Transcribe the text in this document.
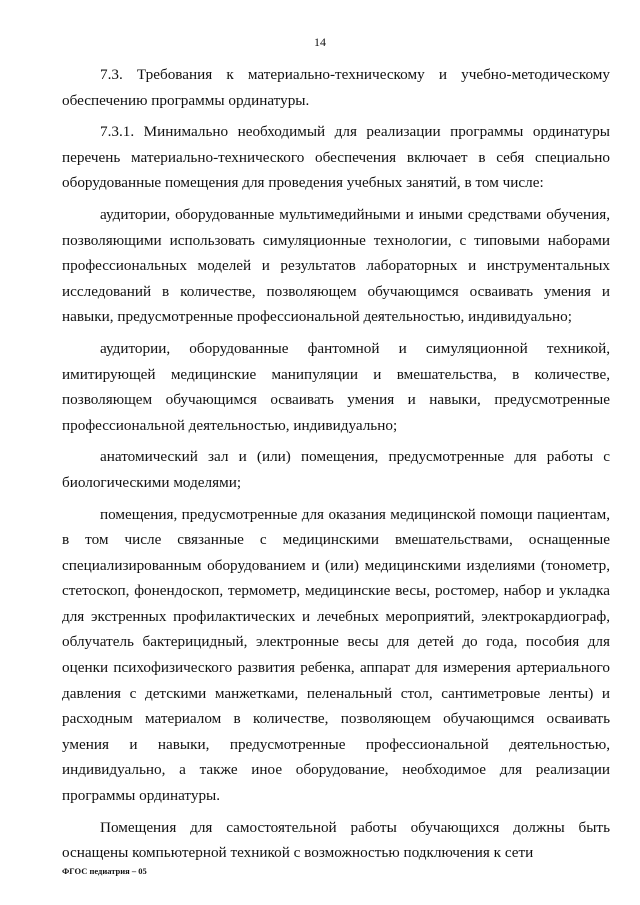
14

7.3. Требования к материально-техническому и учебно-методическому обеспечению программы ординатуры.

7.3.1. Минимально необходимый для реализации программы ординатуры перечень материально-технического обеспечения включает в себя специально оборудованные помещения для проведения учебных занятий, в том числе:

аудитории, оборудованные мультимедийными и иными средствами обучения, позволяющими использовать симуляционные технологии, с типовыми наборами профессиональных моделей и результатов лабораторных и инструментальных исследований в количестве, позволяющем обучающимся осваивать умения и навыки, предусмотренные профессиональной деятельностью, индивидуально;

аудитории, оборудованные фантомной и симуляционной техникой, имитирующей медицинские манипуляции и вмешательства, в количестве, позволяющем обучающимся осваивать умения и навыки, предусмотренные профессиональной деятельностью, индивидуально;

анатомический зал и (или) помещения, предусмотренные для работы с биологическими моделями;

помещения, предусмотренные для оказания медицинской помощи пациентам, в том числе связанные с медицинскими вмешательствами, оснащенные специализированным оборудованием и (или) медицинскими изделиями (тонометр, стетоскоп, фонендоскоп, термометр, медицинские весы, ростомер, набор и укладка для экстренных профилактических и лечебных мероприятий, электрокардиограф, облучатель бактерицидный, электронные весы для детей до года, пособия для оценки психофизического развития ребенка, аппарат для измерения артериального давления с детскими манжетками, пеленальный стол, сантиметровые ленты) и расходным материалом в количестве, позволяющем обучающимся осваивать умения и навыки, предусмотренные профессиональной деятельностью, индивидуально, а также иное оборудование, необходимое для реализации программы ординатуры.

Помещения для самостоятельной работы обучающихся должны быть оснащены компьютерной техникой с возможностью подключения к сети

ФГОС педиатрия – 05
